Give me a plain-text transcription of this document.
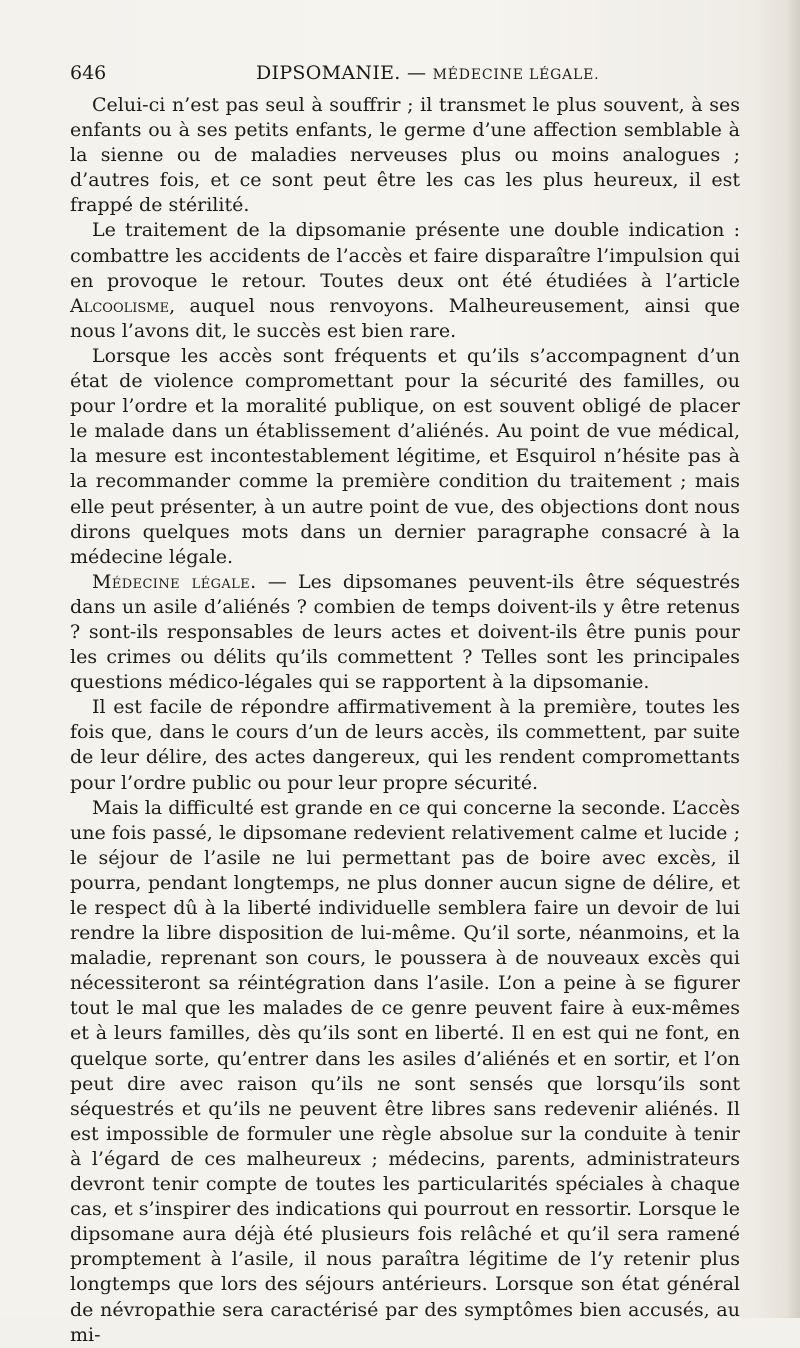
646	DIPSOMANIE. — MÉDECINE LÉGALE.

Celui-ci n’est pas seul à souffrir ; il transmet le plus souvent, à ses enfants ou à ses petits enfants, le germe d’une affection semblable à la sienne ou de maladies nerveuses plus ou moins analogues ; d’autres fois, et ce sont peut être les cas les plus heureux, il est frappé de stérilité.

Le traitement de la dipsomanie présente une double indication : combattre les accidents de l’accès et faire disparaître l’impulsion qui en provoque le retour. Toutes deux ont été étudiées à l’article Alcoolisme, auquel nous renvoyons. Malheureusement, ainsi que nous l’avons dit, le succès est bien rare.

Lorsque les accès sont fréquents et qu’ils s’accompagnent d’un état de violence compromettant pour la sécurité des familles, ou pour l’ordre et la moralité publique, on est souvent obligé de placer le malade dans un établissement d’aliénés. Au point de vue médical, la mesure est incontestablement légitime, et Esquirol n’hésite pas à la recommander comme la première condition du traitement ; mais elle peut présenter, à un autre point de vue, des objections dont nous dirons quelques mots dans un dernier paragraphe consacré à la médecine légale.

Médecine légale. — Les dipsomanes peuvent-ils être séquestrés dans un asile d’aliénés ? combien de temps doivent-ils y être retenus ? sont-ils responsables de leurs actes et doivent-ils être punis pour les crimes ou délits qu’ils commettent ? Telles sont les principales questions médico-légales qui se rapportent à la dipsomanie.

Il est facile de répondre affirmativement à la première, toutes les fois que, dans le cours d’un de leurs accès, ils commettent, par suite de leur délire, des actes dangereux, qui les rendent compromettants pour l’ordre public ou pour leur propre sécurité.

Mais la difficulté est grande en ce qui concerne la seconde. L’accès une fois passé, le dipsomane redevient relativement calme et lucide ; le séjour de l’asile ne lui permettant pas de boire avec excès, il pourra, pendant longtemps, ne plus donner aucun signe de délire, et le respect dû à la liberté individuelle semblera faire un devoir de lui rendre la libre disposition de lui-même. Qu’il sorte, néanmoins, et la maladie, reprenant son cours, le poussera à de nouveaux excès qui nécessiteront sa réintégration dans l’asile. L’on a peine à se figurer tout le mal que les malades de ce genre peuvent faire à eux-mêmes et à leurs familles, dès qu’ils sont en liberté. Il en est qui ne font, en quelque sorte, qu’entrer dans les asiles d’aliénés et en sortir, et l’on peut dire avec raison qu’ils ne sont sensés que lorsqu’ils sont séquestrés et qu’ils ne peuvent être libres sans redevenir aliénés. Il est impossible de formuler une règle absolue sur la conduite à tenir à l’égard de ces malheureux ; médecins, parents, administrateurs devront tenir compte de toutes les particularités spéciales à chaque cas, et s’inspirer des indications qui pourrout en ressortir. Lorsque le dipsomane aura déjà été plusieurs fois relâché et qu’il sera ramené promptement à l’asile, il nous paraîtra légitime de l’y retenir plus longtemps que lors des séjours antérieurs. Lorsque son état général de névropathie sera caractérisé par des symptômes bien accusés, au mi-
